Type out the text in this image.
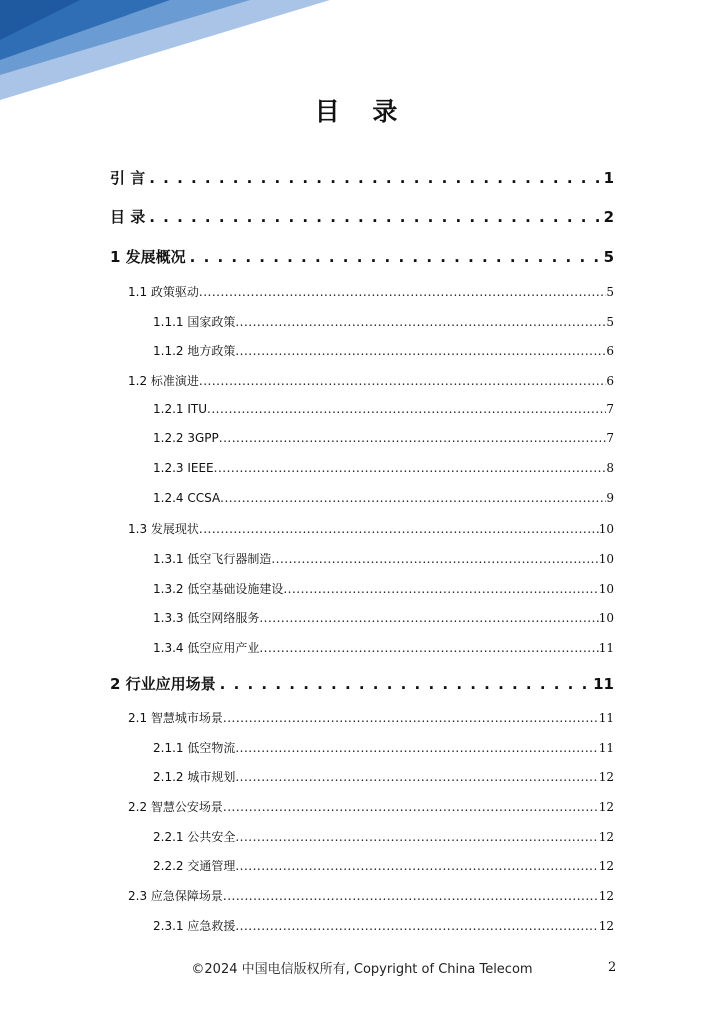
目 录
引 言 . . .	1
目 录 . . .	2
1 发展概况 . . .	5
1.1 政策驱动 .....	5
1.1.1 国家政策 .....	5
1.1.2 地方政策 .....	6
1.2 标准演进 .....	6
1.2.1 ITU .....	7
1.2.2 3GPP .....	7
1.2.3 IEEE .....	8
1.2.4 CCSA .....	9
1.3 发展现状 .....	10
1.3.1 低空飞行器制造 .....	10
1.3.2 低空基础设施建设 .....	10
1.3.3 低空网络服务 .....	10
1.3.4 低空应用产业 .....	11
2 行业应用场景 . . .	11
2.1 智慧城市场景 .....	11
2.1.1 低空物流 .....	11
2.1.2 城市规划 .....	12
2.2 智慧公安场景 .....	12
2.2.1 公共安全 .....	12
2.2.2 交通管理 .....	12
2.3 应急保障场景 .....	12
2.3.1 应急救援 .....	12
©2024 中国电信版权所有, Copyright of China Telecom	2
